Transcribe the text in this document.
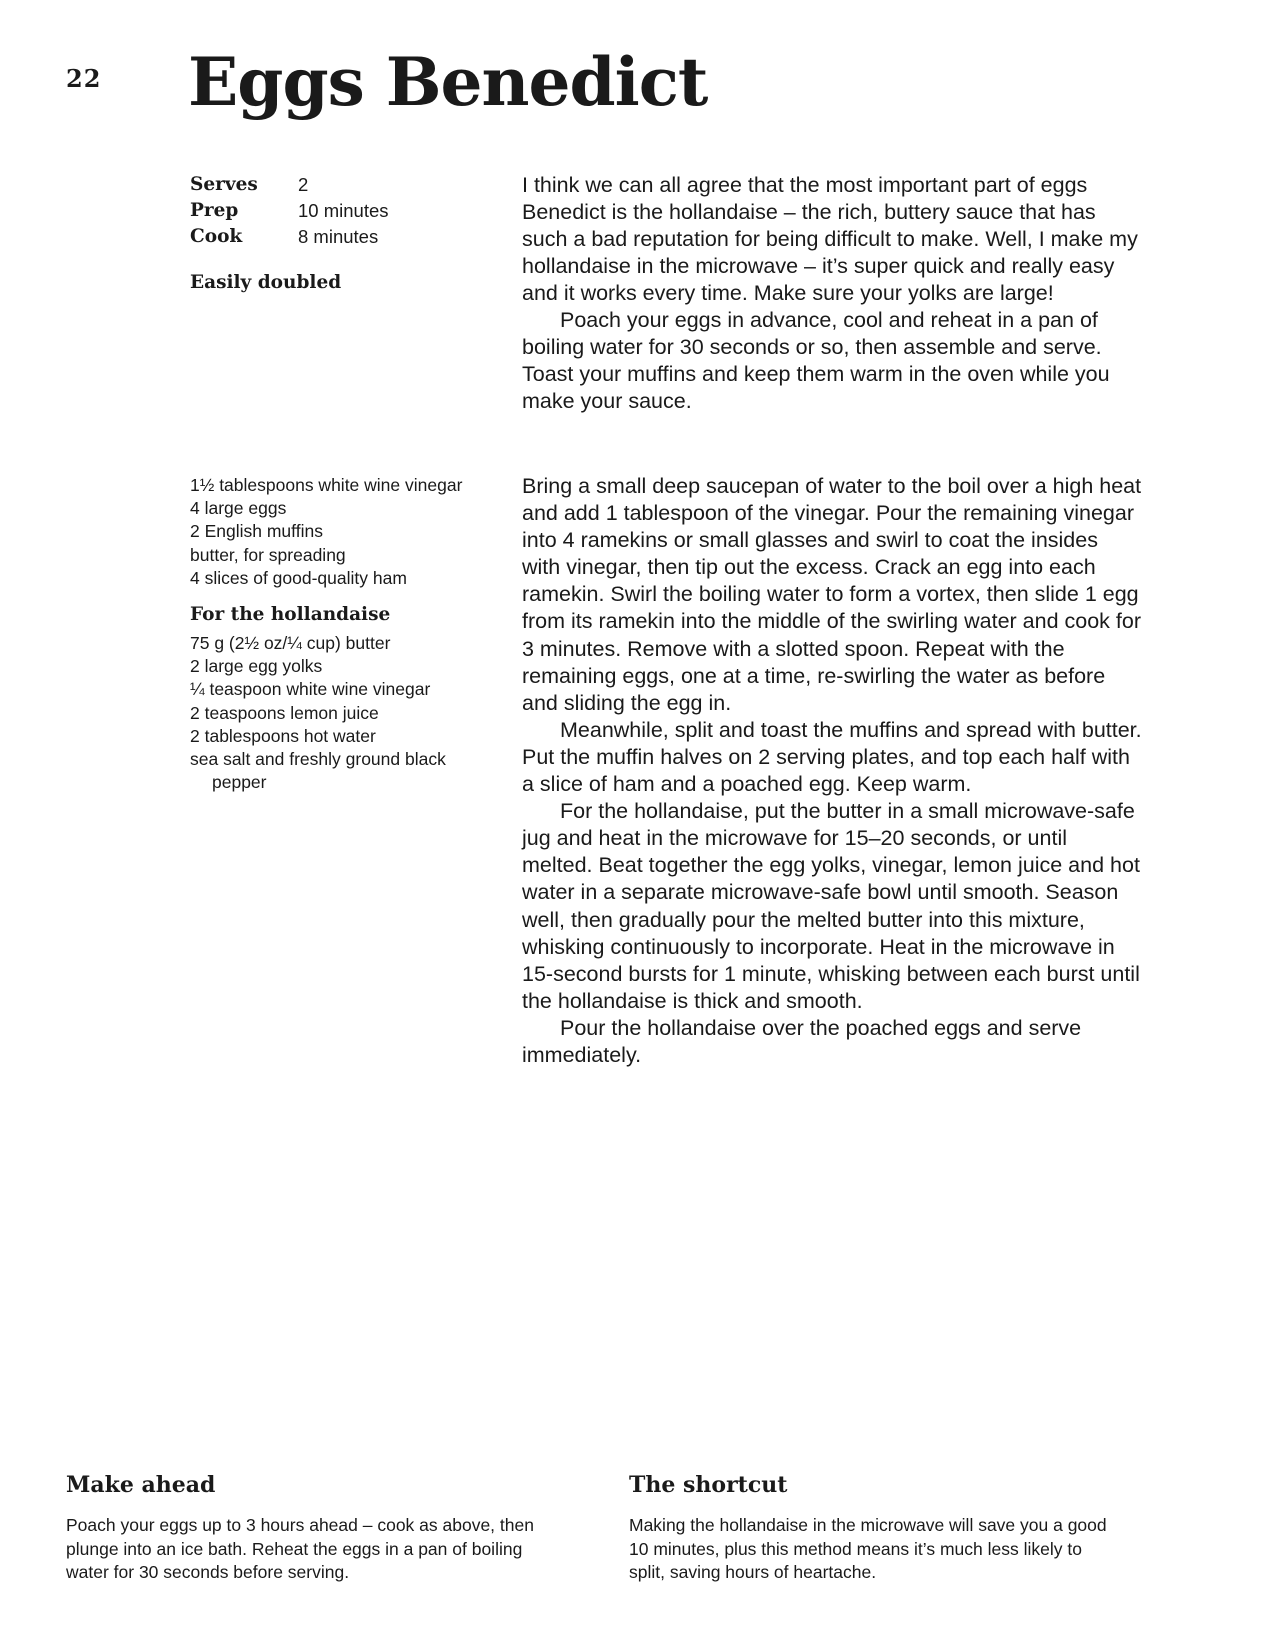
22 Eggs Benedict
Serves	2
Prep	10 minutes
Cook	8 minutes
Easily doubled

I think we can all agree that the most important part of eggs Benedict is the hollandaise – the rich, buttery sauce that has such a bad reputation for being difficult to make. Well, I make my hollandaise in the microwave – it’s super quick and really easy and it works every time. Make sure your yolks are large!

Poach your eggs in advance, cool and reheat in a pan of boiling water for 30 seconds or so, then assemble and serve. Toast your muffins and keep them warm in the oven while you make your sauce.

1½ tablespoons white wine vinegar
4 large eggs
2 English muffins
butter, for spreading
4 slices of good-quality ham
For the hollandaise
75 g (2½ oz/¼ cup) butter
2 large egg yolks
¼ teaspoon white wine vinegar
2 teaspoons lemon juice
2 tablespoons hot water
sea salt and freshly ground black pepper

Bring a small deep saucepan of water to the boil over a high heat and add 1 tablespoon of the vinegar. Pour the remaining vinegar into 4 ramekins or small glasses and swirl to coat the insides with vinegar, then tip out the excess. Crack an egg into each ramekin. Swirl the boiling water to form a vortex, then slide 1 egg from its ramekin into the middle of the swirling water and cook for 3 minutes. Remove with a slotted spoon. Repeat with the remaining eggs, one at a time, re-swirling the water as before and sliding the egg in.

Meanwhile, split and toast the muffins and spread with butter. Put the muffin halves on 2 serving plates, and top each half with a slice of ham and a poached egg. Keep warm.

For the hollandaise, put the butter in a small microwave-safe jug and heat in the microwave for 15–20 seconds, or until melted. Beat together the egg yolks, vinegar, lemon juice and hot water in a separate microwave-safe bowl until smooth. Season well, then gradually pour the melted butter into this mixture, whisking continuously to incorporate. Heat in the microwave in 15-second bursts for 1 minute, whisking between each burst until the hollandaise is thick and smooth.

Pour the hollandaise over the poached eggs and serve immediately.

Make ahead

Poach your eggs up to 3 hours ahead – cook as above, then plunge into an ice bath. Reheat the eggs in a pan of boiling water for 30 seconds before serving.

The shortcut

Making the hollandaise in the microwave will save you a good 10 minutes, plus this method means it’s much less likely to split, saving hours of heartache.
